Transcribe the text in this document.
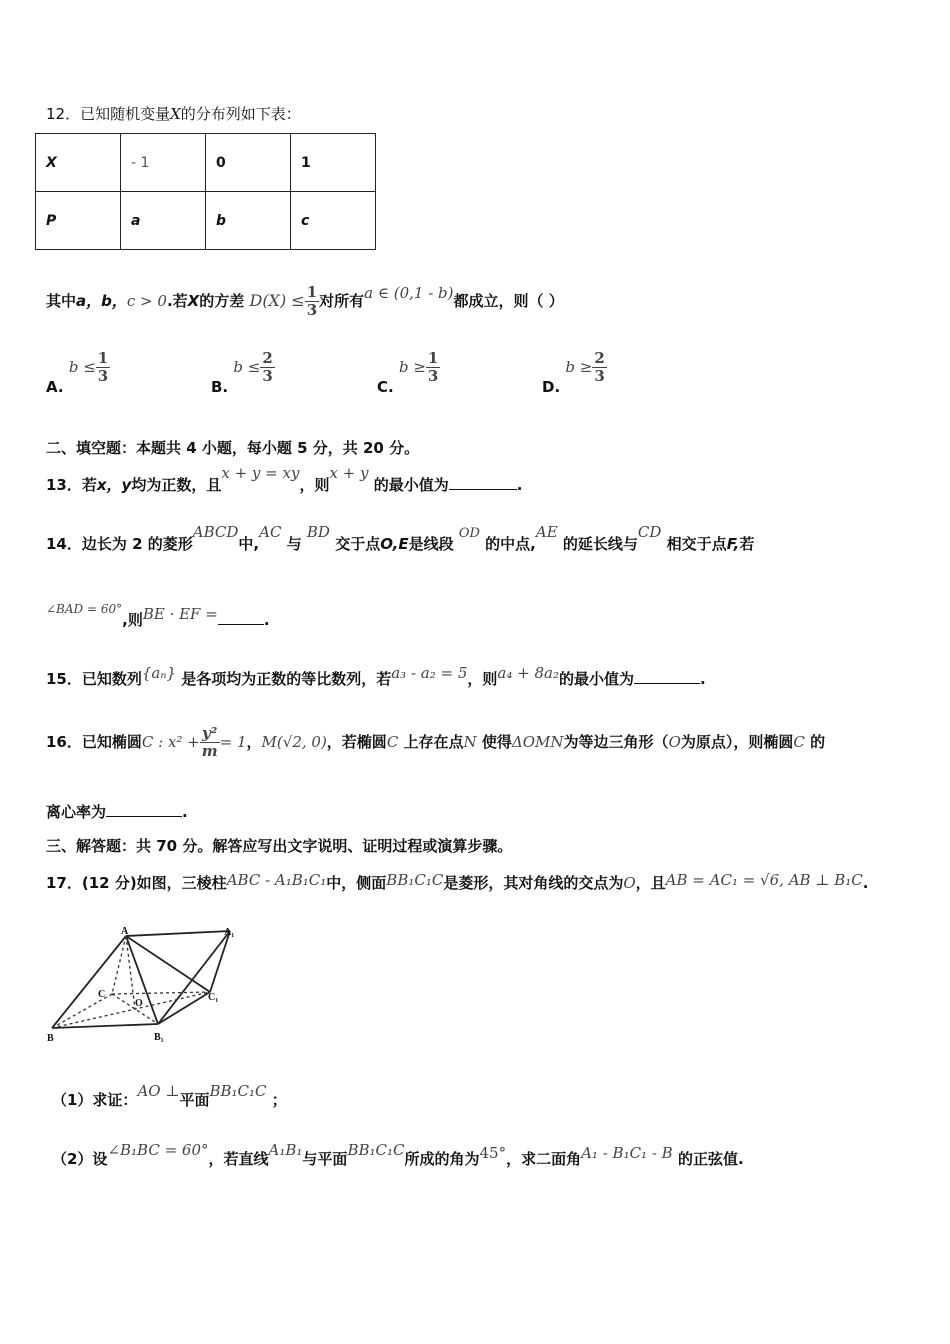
12．已知随机变量X的分布列如下表：
X	- 1	0	1
P	a	b	c
其中a，b，c > 0.若X的方差 $D(X) \le \frac{1}{3}$ 对所有a ∈ (0,1 - b)都成立，则（ ）
A. $b \le \frac{1}{3}$
B. $b \le \frac{2}{3}$
C. $b \ge \frac{1}{3}$
D. $b \ge \frac{2}{3}$
二、填空题：本题共 4 小题，每小题 5 分，共 20 分。
13．若x，y均为正数，且x + y = xy，则x + y 的最小值为	.
14．边长为 2 的菱形ABCD中,AC 与 BD 交于点O,E是线段 OD 的中点,AE 的延长线与CD 相交于点F,若
$^{\angle BAD = 60^\circ}$,则BE · EF =	.
15．已知数列{aₙ} 是各项均为正数的等比数列，若a₃ - a₂ = 5，则a₄ + 8a₂的最小值为	.
16．已知椭圆C : $x^2 + \frac{\text{y²}}{m} = 1$，M(√2, 0)，若椭圆C 上存在点N 使得ΔOMN为等边三角形（O为原点），则椭圆C 的
离心率为	.
三、解答题：共 70 分。解答应写出文字说明、证明过程或演算步骤。
17．(12 分)如图，三棱柱ABC - A₁B₁C₁中，侧面BB₁C₁C是菱形，其对角线的交点为O，且AB = AC₁ = √6, AB ⊥ B₁C.
A	A₁
C
O
C₁
B	B₁
（1）求证：AO ⊥平面BB₁C₁C ；
（2）设∠B₁BC = 60°，若直线A₁B₁与平面BB₁C₁C所成的角为45°，求二面角A₁ - B₁C₁ - B 的正弦值.
